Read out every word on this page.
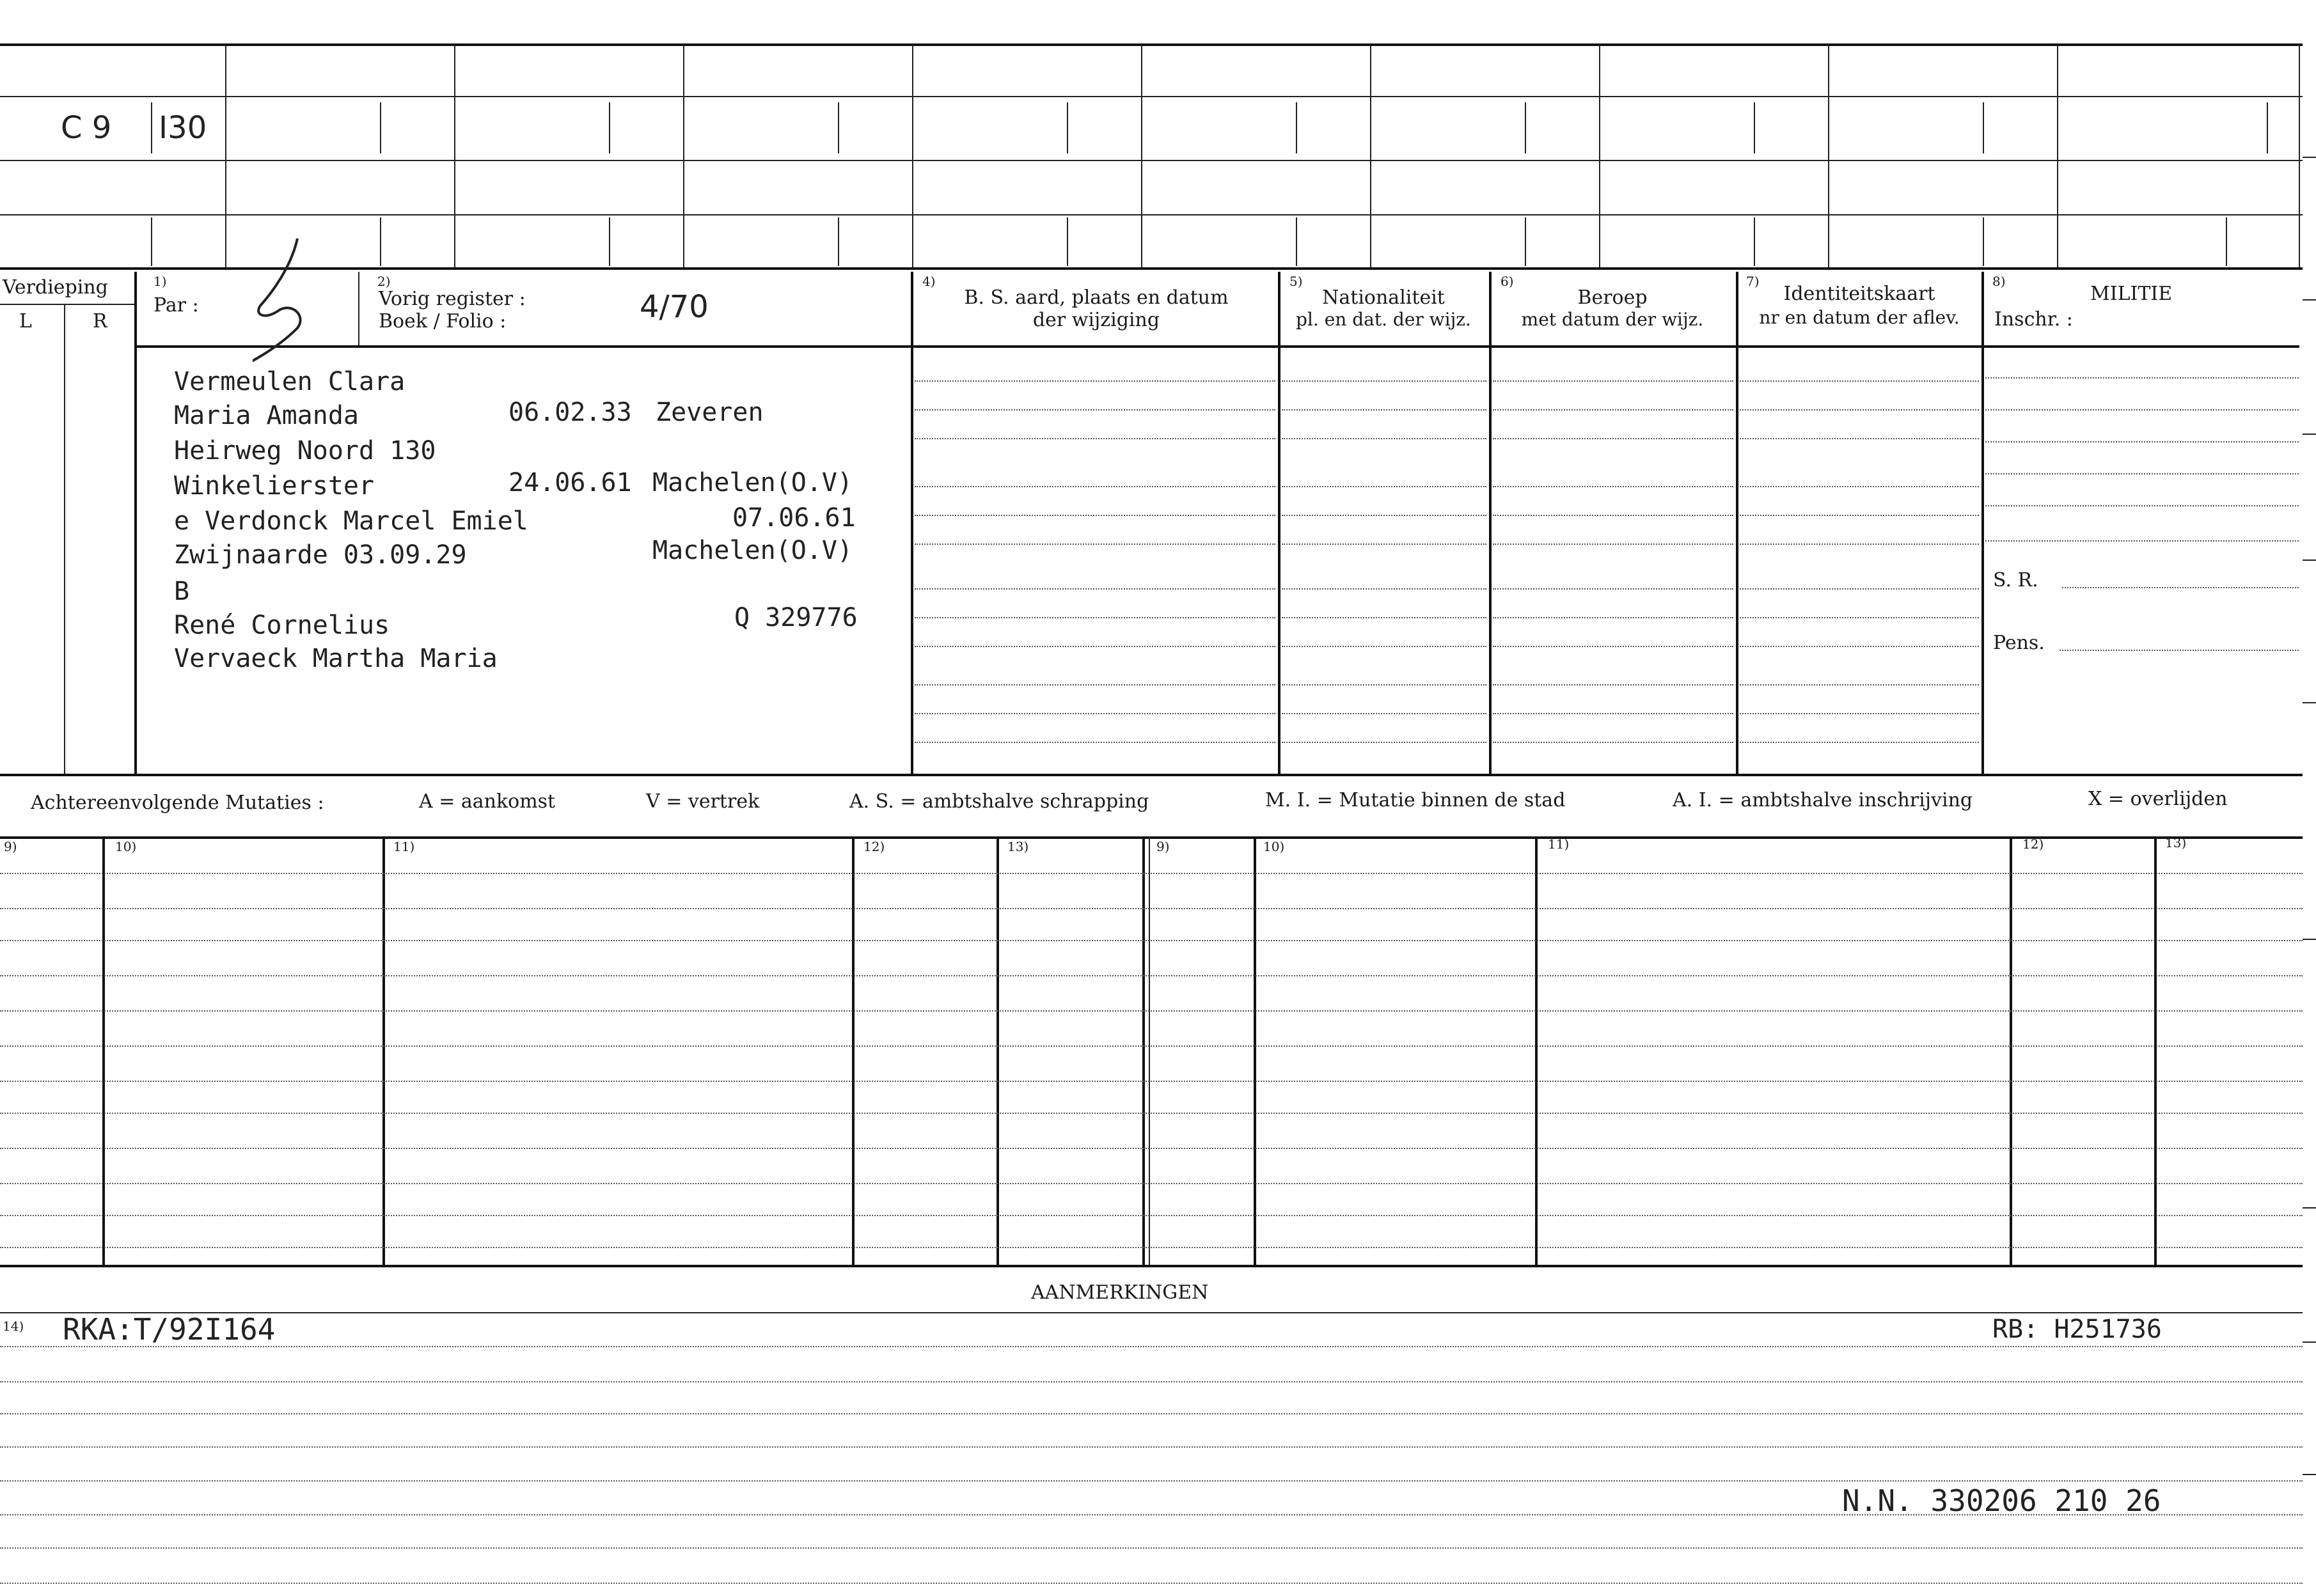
C 9 I30
Verdieping
L	R
1)
Par :
2)
Vorig register :
Boek / Folio :	4/70
4)
B. S. aard, plaats en datum
der wijziging
5)
Nationaliteit
pl. en dat. der wijz.
6)
Beroep
met datum der wijz.
7)
Identiteitskaart
nr en datum der aflev.
8)
MILITIE
Inschr. :
S. R.
Pens.
Vermeulen Clara
Maria Amanda	06.02.33 Zeveren
Heirweg Noord 130
Winkelierster	24.06.61 Machelen(O.V)
e Verdonck Marcel Emiel	07.06.61
Zwijnaarde 03.09.29	Machelen(O.V)
B
René Cornelius	Q 329776
Vervaeck Martha Maria
Achtereenvolgende Mutaties :	A = aankomst	V = vertrek	A. S. = ambtshalve schrapping	M. I. = Mutatie binnen de stad	A. I. = ambtshalve inschrijving	X = overlijden
9)	10)	11)	12)	13)	9)	10)	11)	12)	13)
AANMERKINGEN
14) RKA:T/92I164	RB: H251736
N.N. 330206 210 26
